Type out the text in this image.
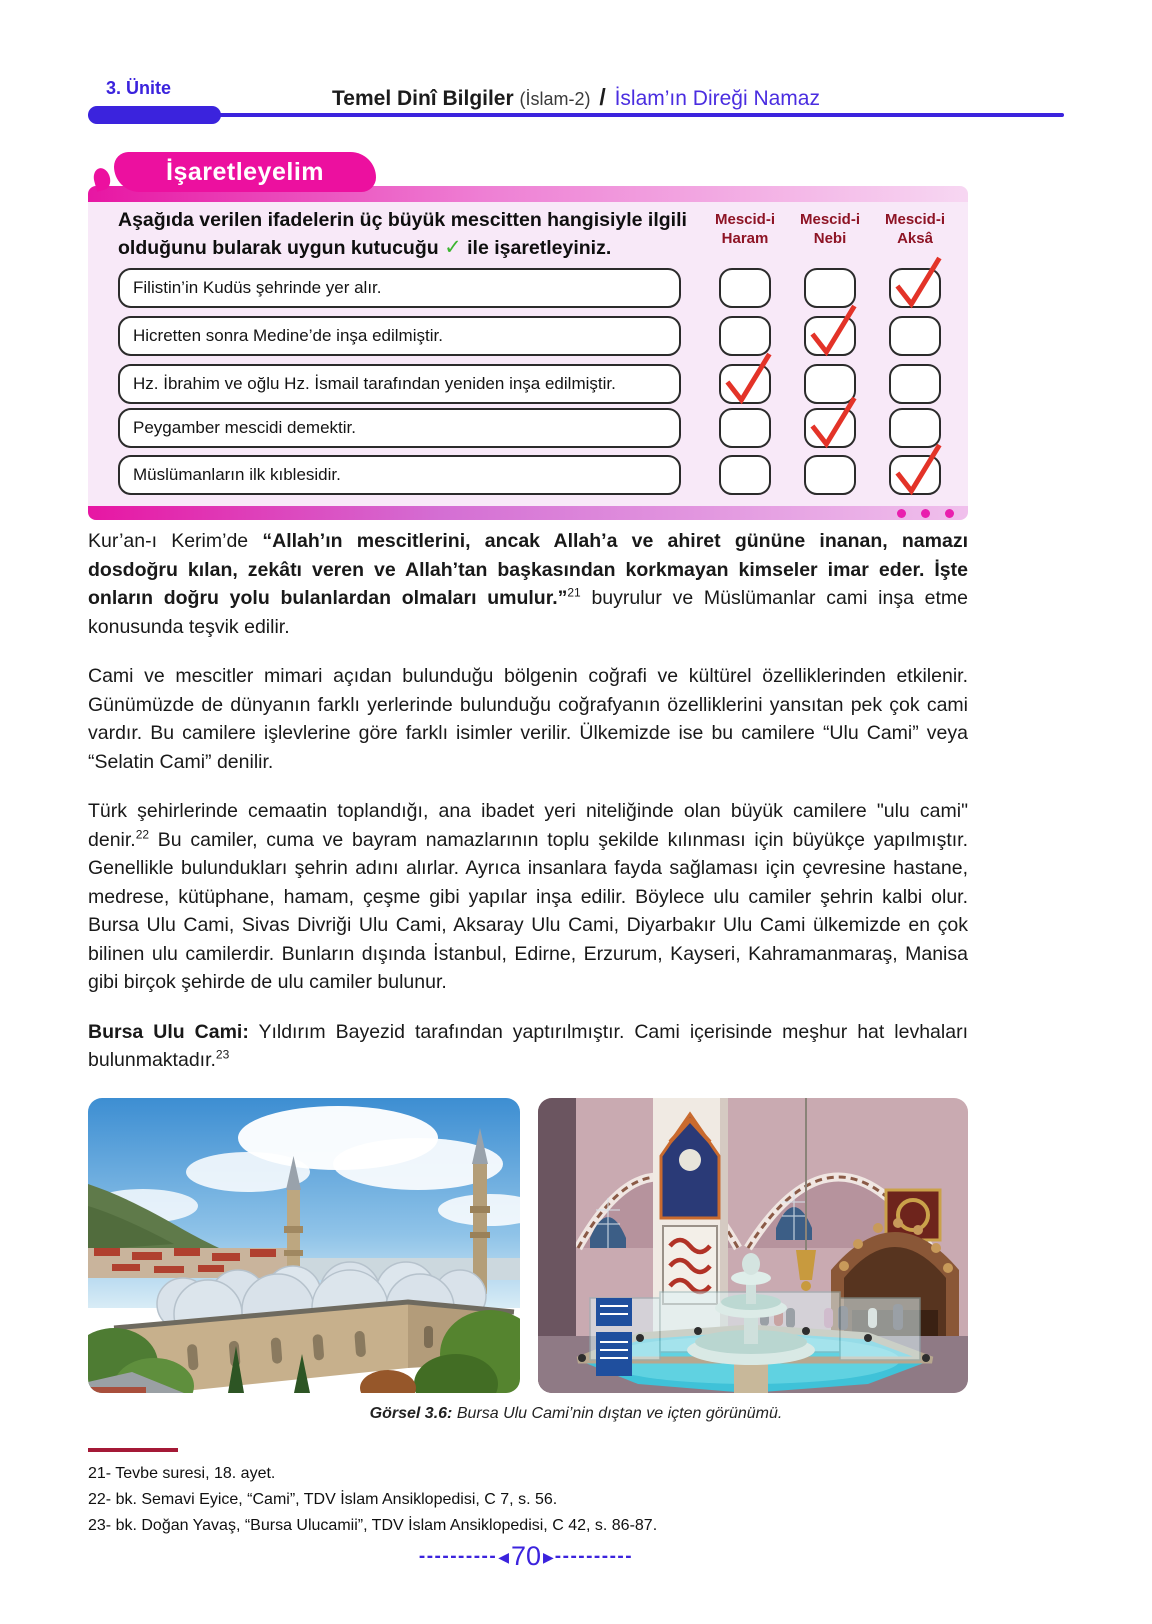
3. Ünite	Temel Dinî Bilgiler (İslam-2) / İslam’ın Direği Namaz
İşaretleyelim
Aşağıda verilen ifadelerin üç büyük mescitten hangisiyle ilgili olduğunu bularak uygun kutucuğu ✓ ile işaretleyiniz.
Mescid-i Haram
Mescid-i Nebi
Mescid-i Aksâ
Filistin’in Kudüs şehrinde yer alır.
Hicretten sonra Medine’de inşa edilmiştir.
Hz. İbrahim ve oğlu Hz. İsmail tarafından yeniden inşa edilmiştir.
Peygamber mescidi demektir.
Müslümanların ilk kıblesidir.

Kur’an-ı Kerim’de “Allah’ın mescitlerini, ancak Allah’a ve ahiret gününe inanan, namazı dosdoğru kılan, zekâtı veren ve Allah’tan başkasından korkmayan kimseler imar eder. İşte onların doğru yolu bulanlardan olmaları umulur.”$^{21}$ buyrulur ve Müslümanlar cami inşa etme konusunda teşvik edilir.

Cami ve mescitler mimari açıdan bulunduğu bölgenin coğrafi ve kültürel özelliklerinden etkilenir. Günümüzde de dünyanın farklı yerlerinde bulunduğu coğrafyanın özelliklerini yansıtan pek çok cami vardır. Bu camilere işlevlerine göre farklı isimler verilir. Ülkemizde ise bu camilere “Ulu Cami” veya “Selatin Cami” denilir.

Türk şehirlerinde cemaatin toplandığı, ana ibadet yeri niteliğinde olan büyük camilere "ulu cami" denir.$^{22}$ Bu camiler, cuma ve bayram namazlarının toplu şekilde kılınması için büyükçe yapılmıştır. Genellikle bulundukları şehrin adını alırlar. Ayrıca insanlara fayda sağlaması için çevresine hastane, medrese, kütüphane, hamam, çeşme gibi yapılar inşa edilir. Böylece ulu camiler şehrin kalbi olur. Bursa Ulu Cami, Sivas Divriği Ulu Cami, Aksaray Ulu Cami, Diyarbakır Ulu Cami ülkemizde en çok bilinen ulu camilerdir. Bunların dışında İstanbul, Edirne, Erzurum, Kayseri, Kahramanmaraş, Manisa gibi birçok şehirde de ulu camiler bulunur.

Bursa Ulu Cami: Yıldırım Bayezid tarafından yaptırılmıştır. Cami içerisinde meşhur hat levhaları bulunmaktadır.$^{23}$

Görsel 3.6: Bursa Ulu Cami’nin dıştan ve içten görünümü.
21- Tevbe suresi, 18. ayet.
22- bk. Semavi Eyice, “Cami”, TDV İslam Ansiklopedisi, C 7, s. 56.
23- bk. Doğan Yavaş, “Bursa Ulucamii”, TDV İslam Ansiklopedisi, C 42, s. 86-87.
----------◀70 ▶----------
